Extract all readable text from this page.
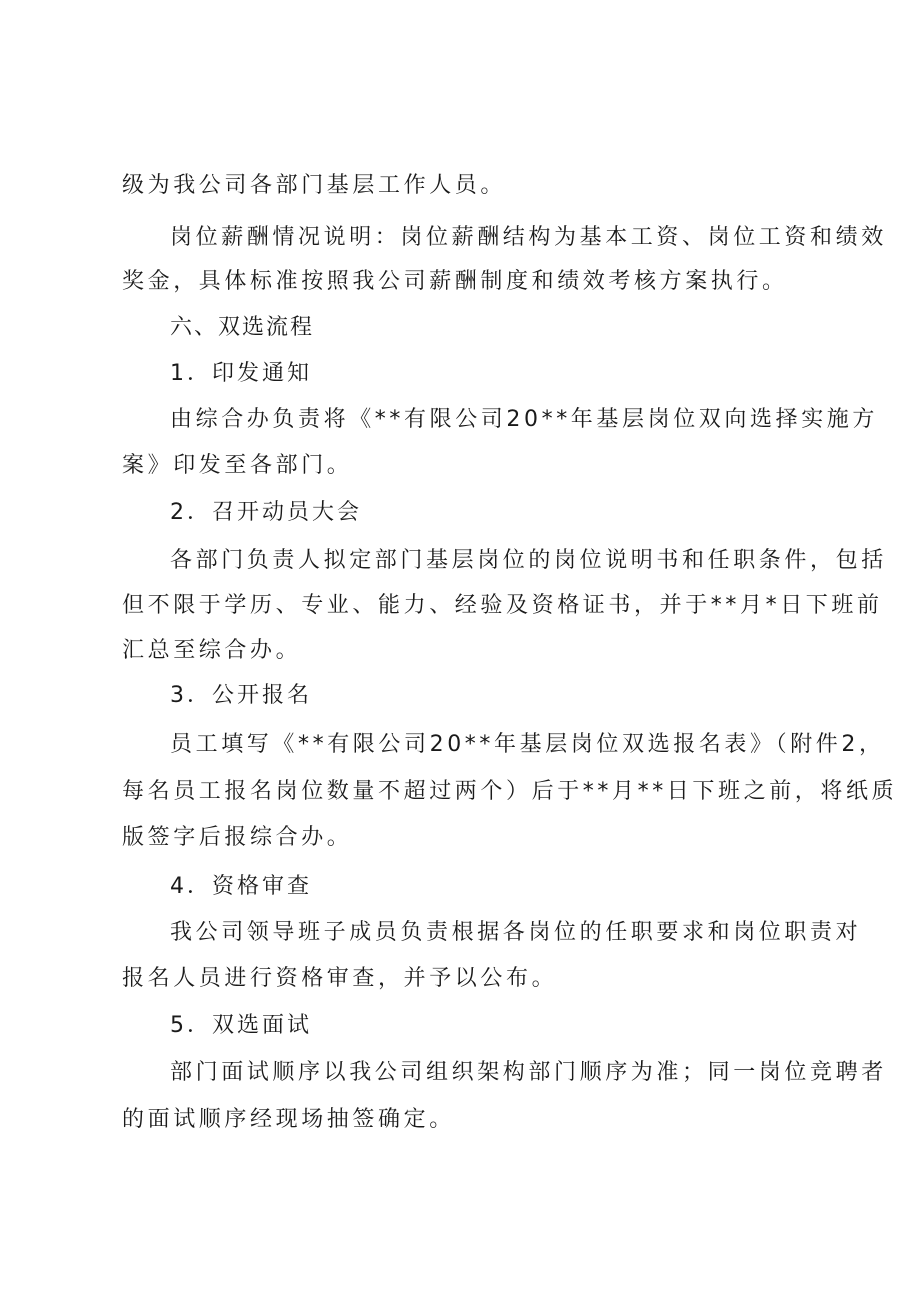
级为我公司各部门基层工作人员。
岗位薪酬情况说明：岗位薪酬结构为基本工资、岗位工资和绩效
奖金，具体标准按照我公司薪酬制度和绩效考核方案执行。
六、双选流程
1．印发通知
由综合办负责将《**有限公司20**年基层岗位双向选择实施方
案》印发至各部门。
2．召开动员大会
各部门负责人拟定部门基层岗位的岗位说明书和任职条件，包括
但不限于学历、专业、能力、经验及资格证书，并于**月*日下班前
汇总至综合办。
3．公开报名
员工填写《**有限公司20**年基层岗位双选报名表》（附件2，
每名员工报名岗位数量不超过两个）后于**月**日下班之前，将纸质
版签字后报综合办。
4．资格审查
我公司领导班子成员负责根据各岗位的任职要求和岗位职责对
报名人员进行资格审查，并予以公布。
5．双选面试
部门面试顺序以我公司组织架构部门顺序为准；同一岗位竞聘者
的面试顺序经现场抽签确定。
